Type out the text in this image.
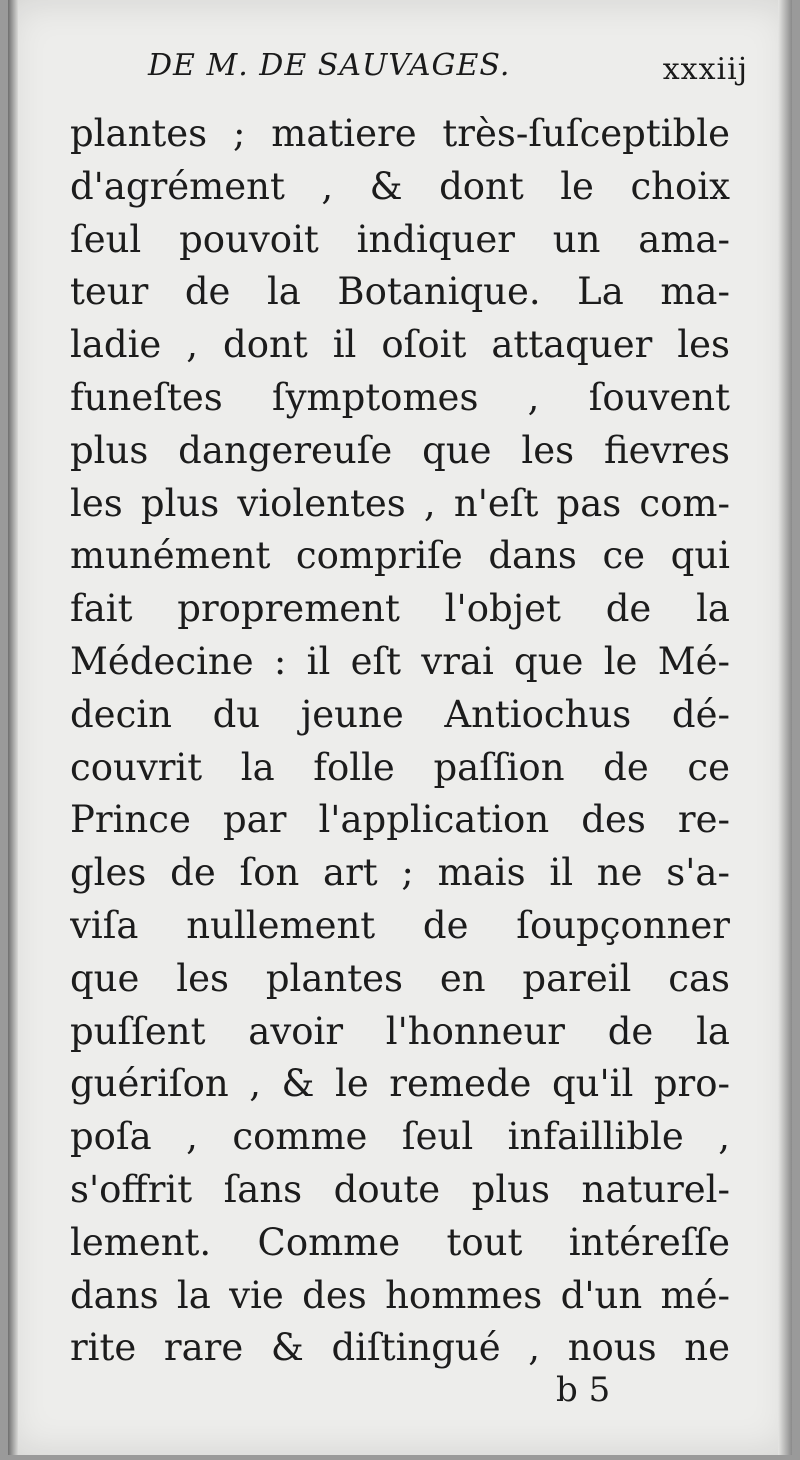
DE M. DE SAUVAGES.	xxxiij
plantes ; matiere très-ſuſceptible
d'agrément , & dont le choix
ſeul pouvoit indiquer un ama-
teur de la Botanique. La ma-
ladie , dont il oſoit attaquer les
funeſtes ſymptomes , ſouvent
plus dangereuſe que les fievres
les plus violentes , n'eſt pas com-
munément compriſe dans ce qui
fait proprement l'objet de la
Médecine : il eſt vrai que le Mé-
decin du jeune Antiochus dé-
couvrit la folle paſſion de ce
Prince par l'application des re-
gles de ſon art ; mais il ne s'a-
viſa nullement de ſoupçonner
que les plantes en pareil cas
puſſent avoir l'honneur de la
guériſon , & le remede qu'il pro-
poſa , comme ſeul infaillible ,
s'offrit ſans doute plus naturel-
lement. Comme tout intéreſſe
dans la vie des hommes d'un mé-
rite rare & diſtingué , nous ne
b 5
